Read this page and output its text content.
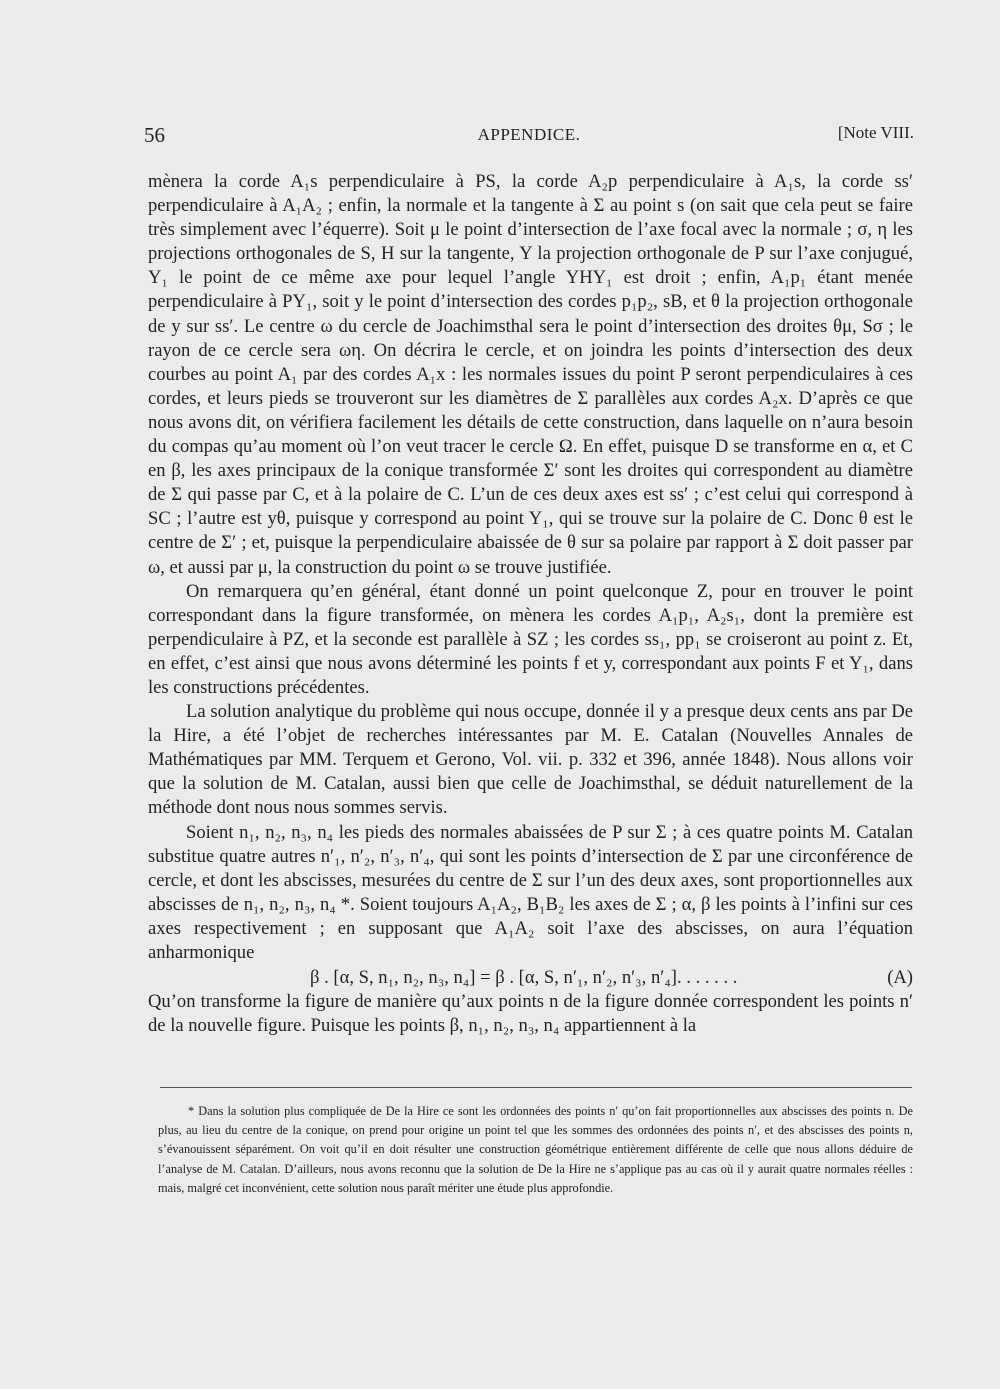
56	APPENDICE.	[Note VIII.

mènera la corde A₁s perpendiculaire à PS, la corde A₂p perpendiculaire à A₁s, la corde ss′ perpendiculaire à A₁A₂ ; enfin, la normale et la tangente à Σ au point s (on sait que cela peut se faire très simplement avec l’équerre). Soit μ le point d’intersection de l’axe focal avec la normale ; σ, η les projections orthogonales de S, H sur la tangente, Y la projection orthogonale de P sur l’axe conjugué, Y₁ le point de ce même axe pour lequel l’angle YHY₁ est droit ; enfin, A₁p₁ étant menée perpendiculaire à PY₁, soit y le point d’intersection des cordes p₁p₂, sB, et θ la projection orthogonale de y sur ss′. Le centre ω du cercle de Joachimsthal sera le point d’intersection des droites θμ, Sσ ; le rayon de ce cercle sera ωη. On décrira le cercle, et on joindra les points d’intersection des deux courbes au point A₁ par des cordes A₁x : les normales issues du point P seront perpendiculaires à ces cordes, et leurs pieds se trouveront sur les diamètres de Σ parallèles aux cordes A₂x. D’après ce que nous avons dit, on vérifiera facilement les détails de cette construction, dans laquelle on n’aura besoin du compas qu’au moment où l’on veut tracer le cercle Ω. En effet, puisque D se transforme en α, et C en β, les axes principaux de la conique transformée Σ′ sont les droites qui correspondent au diamètre de Σ qui passe par C, et à la polaire de C. L’un de ces deux axes est ss′ ; c’est celui qui correspond à SC ; l’autre est yθ, puisque y correspond au point Y₁, qui se trouve sur la polaire de C. Donc θ est le centre de Σ′ ; et, puisque la perpendiculaire abaissée de θ sur sa polaire par rapport à Σ doit passer par ω, et aussi par μ, la construction du point ω se trouve justifiée.

On remarquera qu’en général, étant donné un point quelconque Z, pour en trouver le point correspondant dans la figure transformée, on mènera les cordes A₁p₁, A₂s₁, dont la première est perpendiculaire à PZ, et la seconde est parallèle à SZ ; les cordes ss₁, pp₁ se croiseront au point z. Et, en effet, c’est ainsi que nous avons déterminé les points f et y, correspondant aux points F et Y₁, dans les constructions précédentes.

La solution analytique du problème qui nous occupe, donnée il y a presque deux cents ans par De la Hire, a été l’objet de recherches intéressantes par M. E. Catalan (Nouvelles Annales de Mathématiques par MM. Terquem et Gerono, Vol. vii. p. 332 et 396, année 1848). Nous allons voir que la solution de M. Catalan, aussi bien que celle de Joachimsthal, se déduit naturellement de la méthode dont nous nous sommes servis.

Soient n₁, n₂, n₃, n₄ les pieds des normales abaissées de P sur Σ ; à ces quatre points M. Catalan substitue quatre autres n′₁, n′₂, n′₃, n′₄, qui sont les points d’intersection de Σ par une circonférence de cercle, et dont les abscisses, mesurées du centre de Σ sur l’un des deux axes, sont proportionnelles aux abscisses de n₁, n₂, n₃, n₄ *. Soient toujours A₁A₂, B₁B₂ les axes de Σ ; α, β les points à l’infini sur ces axes respectivement ; en supposant que A₁A₂ soit l’axe des abscisses, on aura l’équation anharmonique

β . [α, S, n₁, n₂, n₃, n₄] = β . [α, S, n′₁, n′₂, n′₃, n′₄]. . . . . . .	(A)

Qu’on transforme la figure de manière qu’aux points n de la figure donnée correspondent les points n′ de la nouvelle figure. Puisque les points β, n₁, n₂, n₃, n₄ appartiennent à la

* Dans la solution plus compliquée de De la Hire ce sont les ordonnées des points n′ qu’on fait proportionnelles aux abscisses des points n. De plus, au lieu du centre de la conique, on prend pour origine un point tel que les sommes des ordonnées des points n′, et des abscisses des points n, s’évanouissent séparément. On voit qu’il en doit résulter une construction géométrique entièrement différente de celle que nous allons déduire de l’analyse de M. Catalan. D’ailleurs, nous avons reconnu que la solution de De la Hire ne s’applique pas au cas où il y aurait quatre normales réelles : mais, malgré cet inconvénient, cette solution nous paraît mériter une étude plus approfondie.
